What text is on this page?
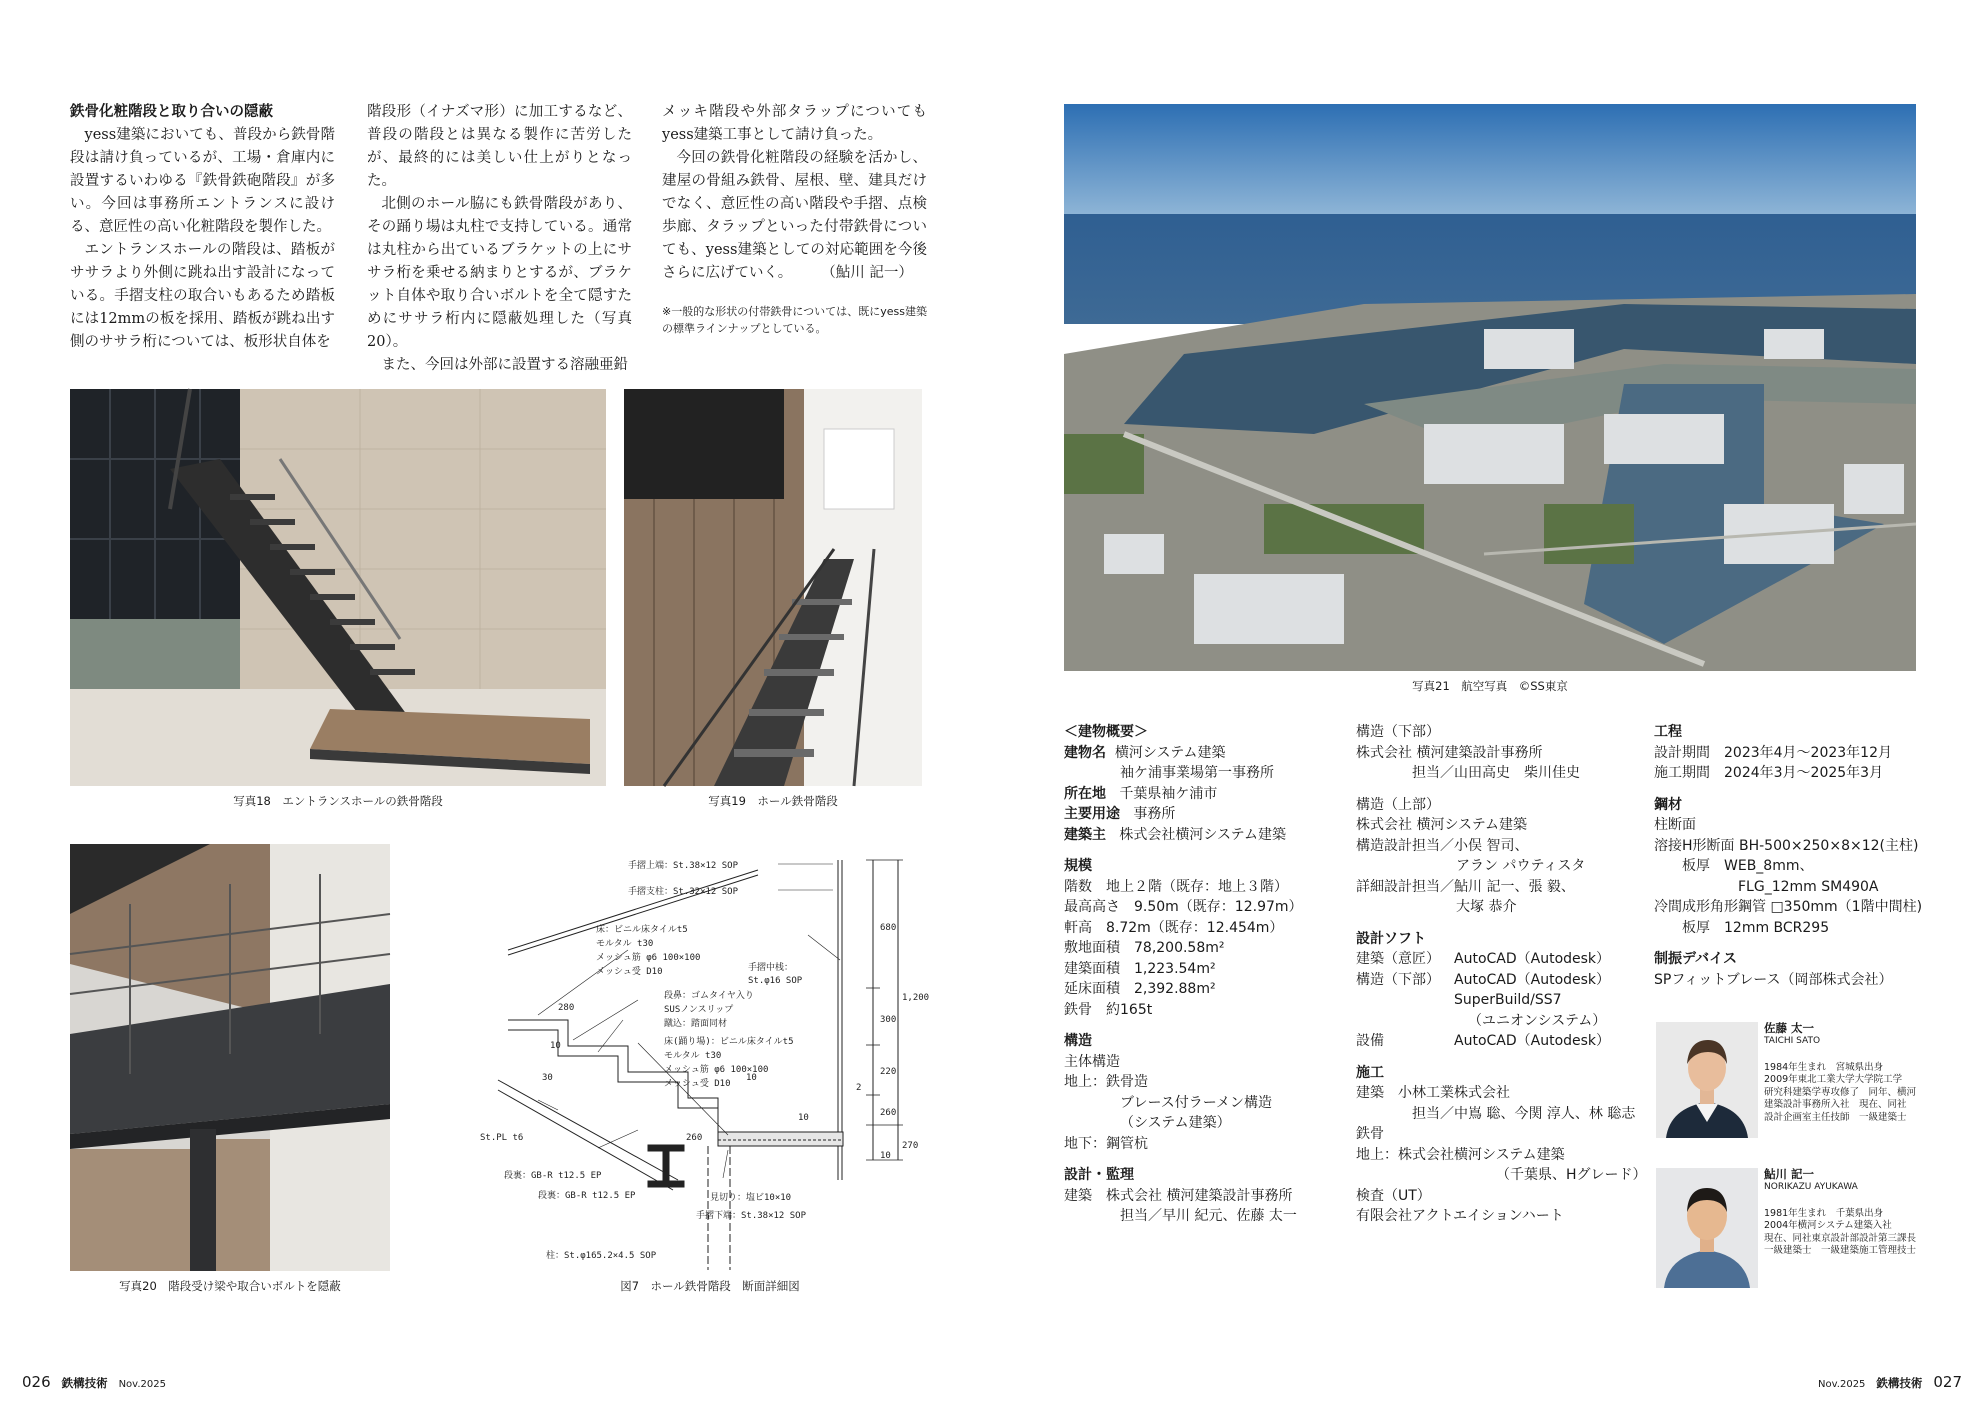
鉄骨化粧階段と取り合いの隠蔽

yess建築においても、普段から鉄骨階段は請け負っているが、工場・倉庫内に設置するいわゆる『鉄骨鉄砲階段』が多い。今回は事務所エントランスに設ける、意匠性の高い化粧階段を製作した。

エントランスホールの階段は、踏板がササラより外側に跳ね出す設計になっている。手摺支柱の取合いもあるため踏板には12mmの板を採用、踏板が跳ね出す側のササラ桁については、板形状自体を

階段形（イナズマ形）に加工するなど、普段の階段とは異なる製作に苦労したが、最終的には美しい仕上がりとなった。

北側のホール脇にも鉄骨階段があり、その踊り場は丸柱で支持している。通常は丸柱から出ているブラケットの上にササラ桁を乗せる納まりとするが、ブラケット自体や取り合いボルトを全て隠すためにササラ桁内に隠蔽処理した（写真20）。

また、今回は外部に設置する溶融亜鉛

メッキ階段や外部タラップについてもyess建築工事として請け負った。

今回の鉄骨化粧階段の経験を活かし、建屋の骨組み鉄骨、屋根、壁、建具だけでなく、意匠性の高い階段や手摺、点検歩廊、タラップといった付帯鉄骨についても、yess建築としての対応範囲を今後さらに広げていく。　　　（鮎川 記一）

※一般的な形状の付帯鉄骨については、既にyess建築の標準ラインナップとしている。

写真18　エントランスホールの鉄骨階段	写真19　ホール鉄骨階段
写真20　階段受け梁や取合いボルトを隠蔽
手摺上端：St.38×12 SOP
手摺支柱：St.32×12 SOP
床：ビニル床タイルt5
モルタル t30
メッシュ筋 φ6 100×100
メッシュ受 D10	手摺中桟：
St.φ16 SOP
段鼻：ゴムタイヤ入り
SUSノンスリップ
蹴込：踏面同材
床(踊り場)：ビニル床タイルt5
モルタル t30
メッシュ筋 φ6 100×100
メッシュ受 D10
St.PL t6
段裏：GB-R t12.5 EP
段裏：GB-R t12.5 EP	見切り：塩ビ10×10
手摺下端：St.38×12 SOP
柱：St.φ165.2×4.5 SOP
280
10
30
680
1,200
300
220
260
270
10
10
2
260
10
図7　ホール鉄骨階段　断面詳細図
写真21　航空写真　©SS東京
＜建物概要＞
建物名 横河システム建築
袖ケ浦事業場第一事務所
所在地 千葉県袖ケ浦市
主要用途 事務所
建築主 株式会社横河システム建築
規模
階数　地上２階（既存：地上３階）
最高高さ　9.50m（既存：12.97m）
軒高　8.72m（既存：12.454m）
敷地面積　78,200.58m²
建築面積　1,223.54m²
延床面積　2,392.88m²
鉄骨　約165t
構造
主体構造
地上：鉄骨造
ブレース付ラーメン構造
（システム建築）
地下：鋼管杭
設計・監理
建築　株式会社 横河建築設計事務所
担当／早川 紀元、佐藤 太一
構造（下部）
株式会社 横河建築設計事務所
担当／山田高史　柴川佳史
構造（上部）
株式会社 横河システム建築
構造設計担当／小俣 智司、
アラン パウティスタ
詳細設計担当／鮎川 記一、張 毅、
大塚 恭介
設計ソフト
建築（意匠） AutoCAD（Autodesk）
構造（下部） AutoCAD（Autodesk）
SuperBuild/SS7
（ユニオンシステム）
設備	AutoCAD（Autodesk）
施工
建築　小林工業株式会社
担当／中嶌 聡、今関 淳人、林 聡志
鉄骨
地上：株式会社横河システム建築
（千葉県、Hグレード）
検査（UT）
有限会社アクトエイションハート
工程
設計期間　2023年4月～2023年12月
施工期間　2024年3月～2025年3月
鋼材
柱断面
溶接H形断面 BH-500×250×8×12(主柱)
板厚　WEB_8mm、
FLG_12mm SM490A
冷間成形角形鋼管 □350mm（1階中間柱)
板厚　12mm BCR295
制振デバイス
SPフィットブレース（岡部株式会社）
佐藤 太一
TAICHI SATO
1984年生まれ　宮城県出身
2009年東北工業大学大学院工学
研究科建築学専攻修了　同年、横河
建築設計事務所入社　現在、同社
設計企画室主任技師　一級建築士
鮎川 記一
NORIKAZU AYUKAWA
1981年生まれ　千葉県出身
2004年横河システム建築入社
現在、同社東京設計部設計第三課長
一級建築士　一級建築施工管理技士
026 鉄構技術 Nov.2025	Nov.2025 鉄構技術 027
